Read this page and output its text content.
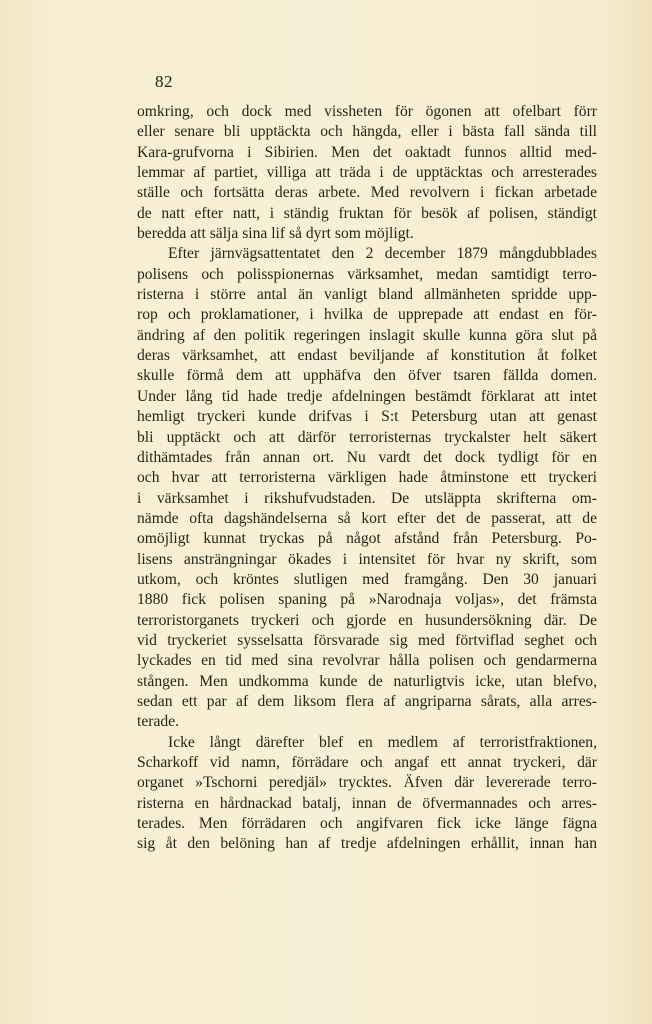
82
omkring, och dock med vissheten för ögonen att ofelbart förr
eller senare bli upptäckta och hängda, eller i bästa fall sända till
Kara-grufvorna i Sibirien. Men det oaktadt funnos alltid med-
lemmar af partiet, villiga att träda i de upptäcktas och arresterades
ställe och fortsätta deras arbete. Med revolvern i fickan arbetade
de natt efter natt, i ständig fruktan för besök af polisen, ständigt
beredda att sälja sina lif så dyrt som möjligt.
Efter järnvägsattentatet den 2 december 1879 mångdubblades
polisens och polisspionernas värksamhet, medan samtidigt terro-
risterna i större antal än vanligt bland allmänheten spridde upp-
rop och proklamationer, i hvilka de upprepade att endast en för-
ändring af den politik regeringen inslagit skulle kunna göra slut på
deras värksamhet, att endast beviljande af konstitution åt folket
skulle förmå dem att upphäfva den öfver tsaren fällda domen.
Under lång tid hade tredje afdelningen bestämdt förklarat att intet
hemligt tryckeri kunde drifvas i S:t Petersburg utan att genast
bli upptäckt och att därför terroristernas tryckalster helt säkert
dithämtades från annan ort. Nu vardt det dock tydligt för en
och hvar att terroristerna värkligen hade åtminstone ett tryckeri
i värksamhet i rikshufvudstaden. De utsläppta skrifterna om-
nämde ofta dagshändelserna så kort efter det de passerat, att de
omöjligt kunnat tryckas på något afstånd från Petersburg. Po-
lisens ansträngningar ökades i intensitet för hvar ny skrift, som
utkom, och kröntes slutligen med framgång. Den 30 januari
1880 fick polisen spaning på »Narodnaja voljas», det främsta
terroristorganets tryckeri och gjorde en husundersökning där. De
vid tryckeriet sysselsatta försvarade sig med förtviflad seghet och
lyckades en tid med sina revolvrar hålla polisen och gendarmerna
stången. Men undkomma kunde de naturligtvis icke, utan blefvo,
sedan ett par af dem liksom flera af angriparna sårats, alla arres-
terade.
Icke långt därefter blef en medlem af terroristfraktionen,
Scharkoff vid namn, förrädare och angaf ett annat tryckeri, där
organet »Tschorni peredjäl» trycktes. Äfven där levererade terro-
risterna en hårdnackad batalj, innan de öfvermannades och arres-
terades. Men förrädaren och angifvaren fick icke länge fägna
sig åt den belöning han af tredje afdelningen erhållit, innan han
